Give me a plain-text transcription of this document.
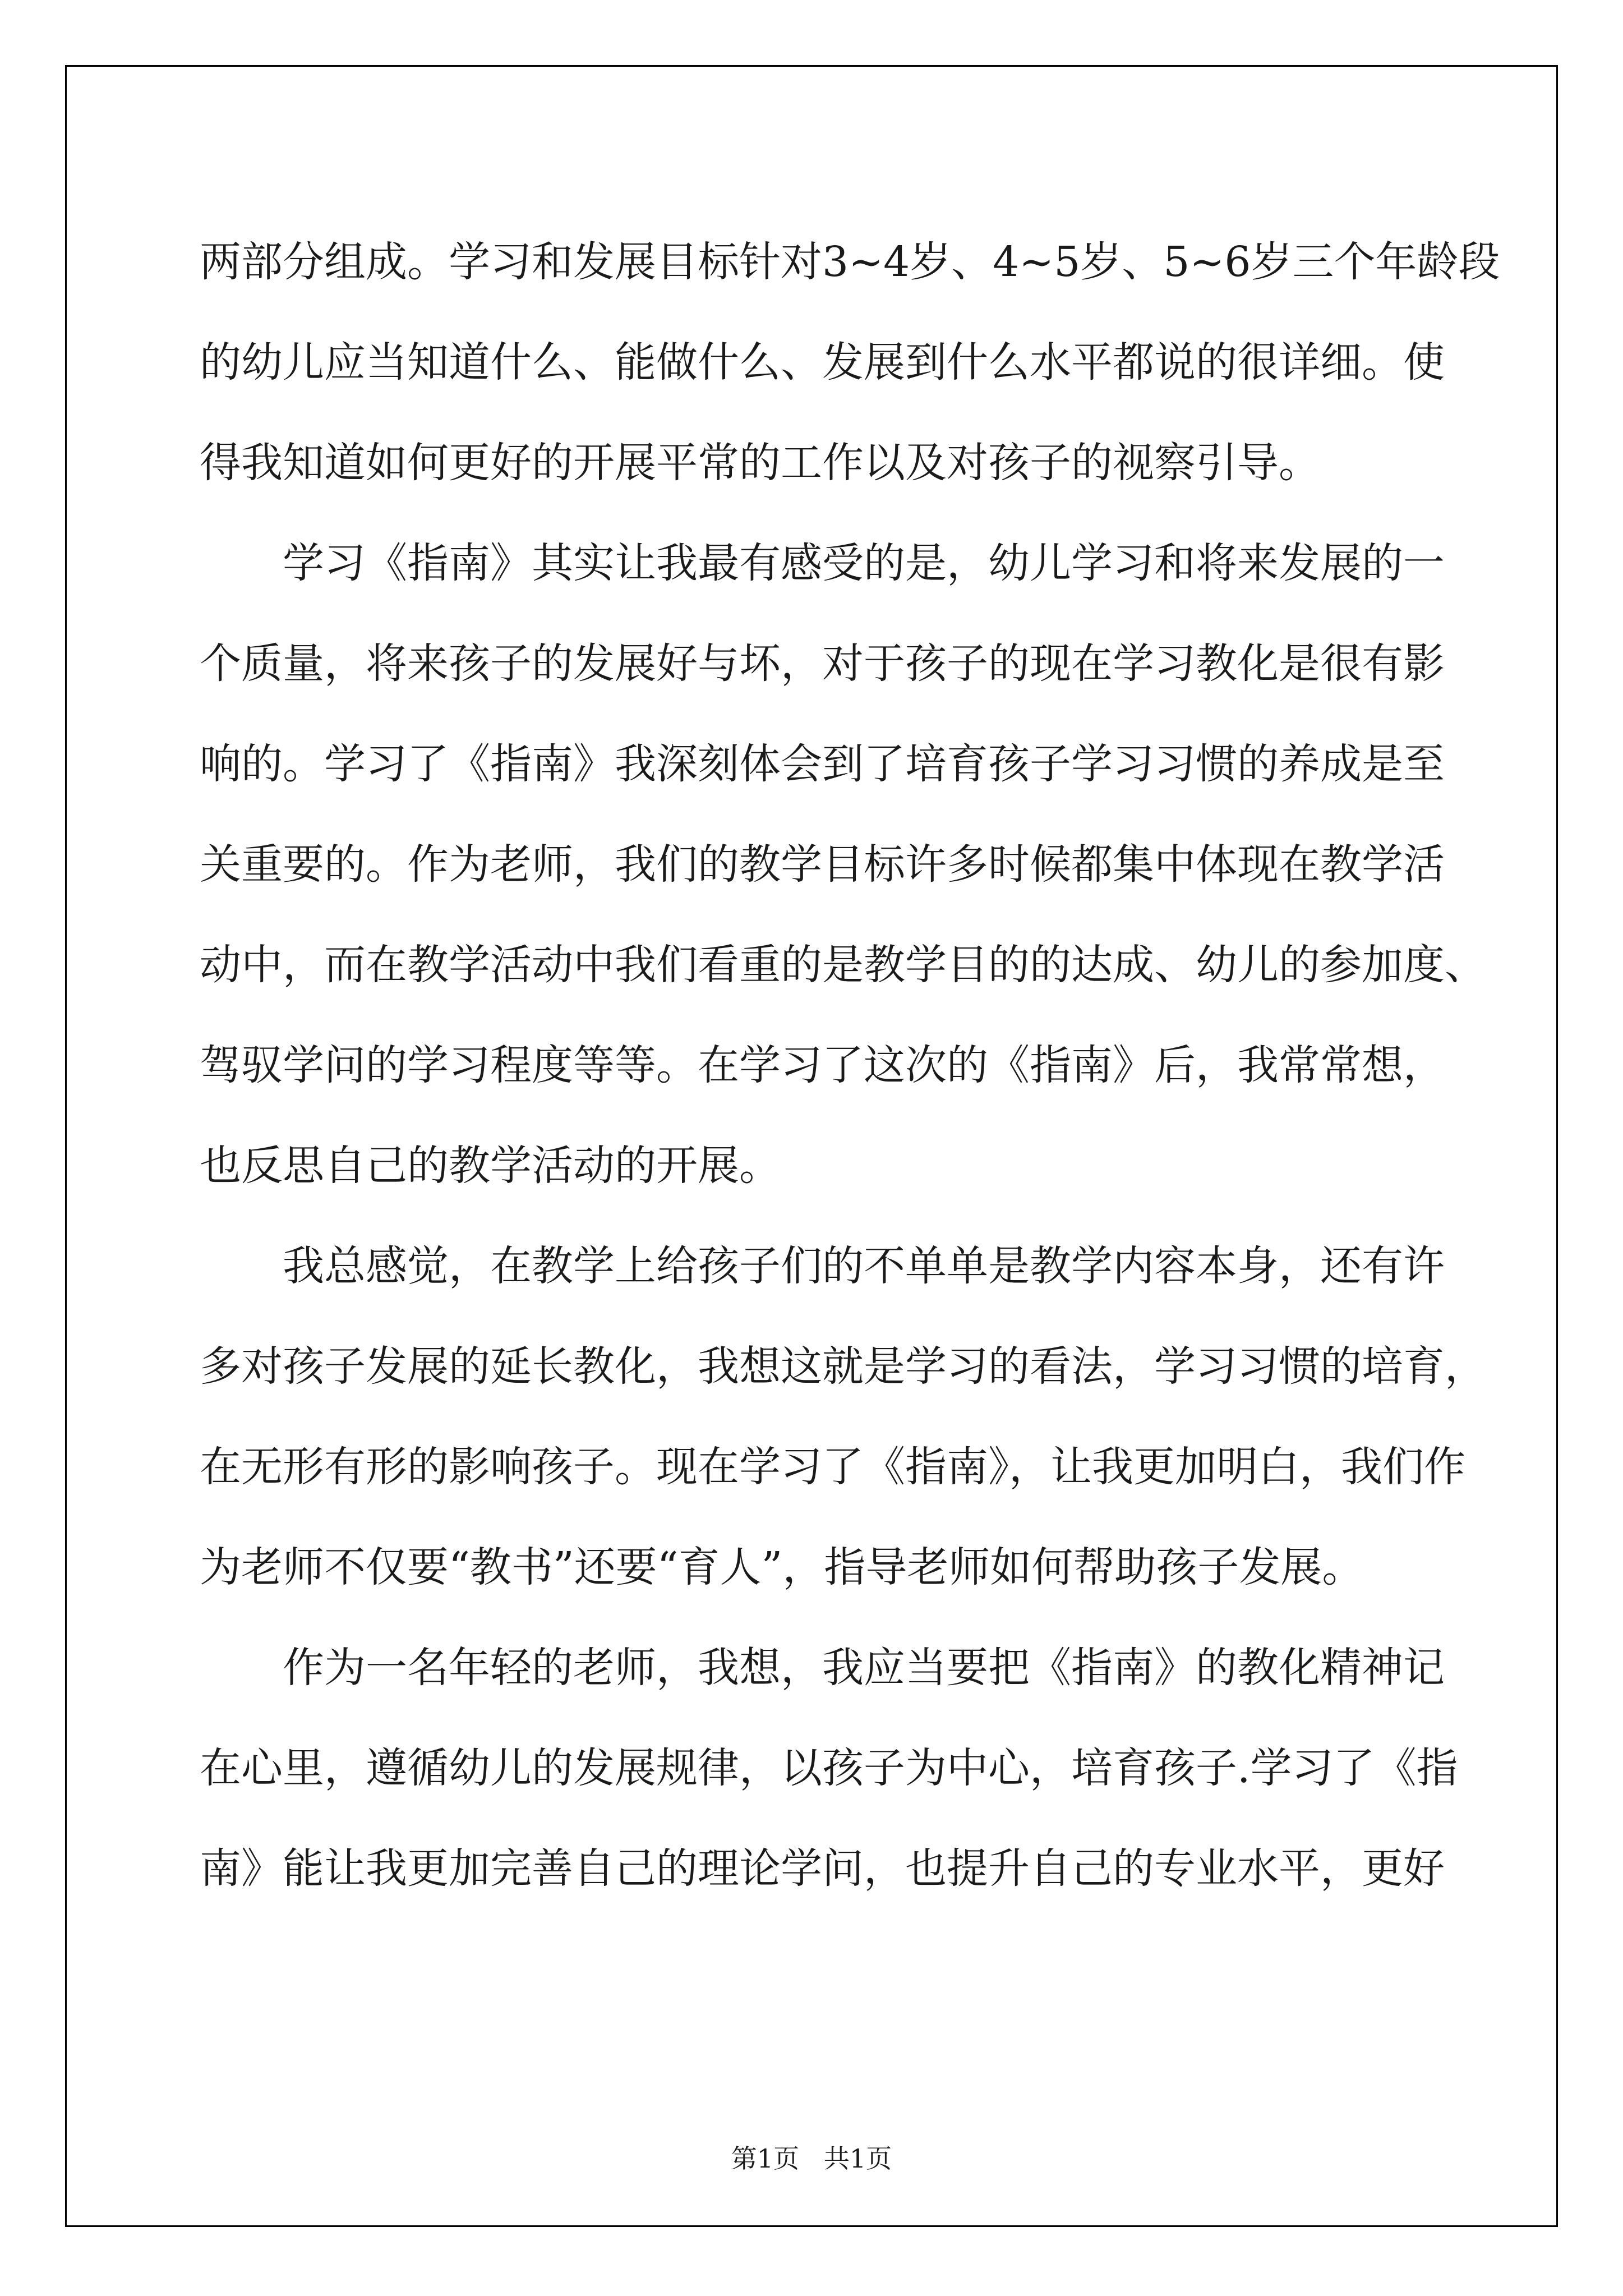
两部分组成。学习和发展目标针对3~4岁、4~5岁、5~6岁三个年龄段
的幼儿应当知道什么、能做什么、发展到什么水平都说的很详细。使
得我知道如何更好的开展平常的工作以及对孩子的视察引导。
学习《指南》其实让我最有感受的是，幼儿学习和将来发展的一
个质量，将来孩子的发展好与坏，对于孩子的现在学习教化是很有影
响的。学习了《指南》我深刻体会到了培育孩子学习习惯的养成是至
关重要的。作为老师，我们的教学目标许多时候都集中体现在教学活
动中，而在教学活动中我们看重的是教学目的的达成、幼儿的参加度、
驾驭学问的学习程度等等。在学习了这次的《指南》后，我常常想，
也反思自己的教学活动的开展。
我总感觉，在教学上给孩子们的不单单是教学内容本身，还有许
多对孩子发展的延长教化，我想这就是学习的看法，学习习惯的培育，
在无形有形的影响孩子。现在学习了《指南》，让我更加明白，我们作
为老师不仅要“教书”还要“育人”，指导老师如何帮助孩子发展。
作为一名年轻的老师，我想，我应当要把《指南》的教化精神记
在心里，遵循幼儿的发展规律，以孩子为中心，培育孩子.学习了《指
南》能让我更加完善自己的理论学问，也提升自己的专业水平，更好
第1页   共1页
